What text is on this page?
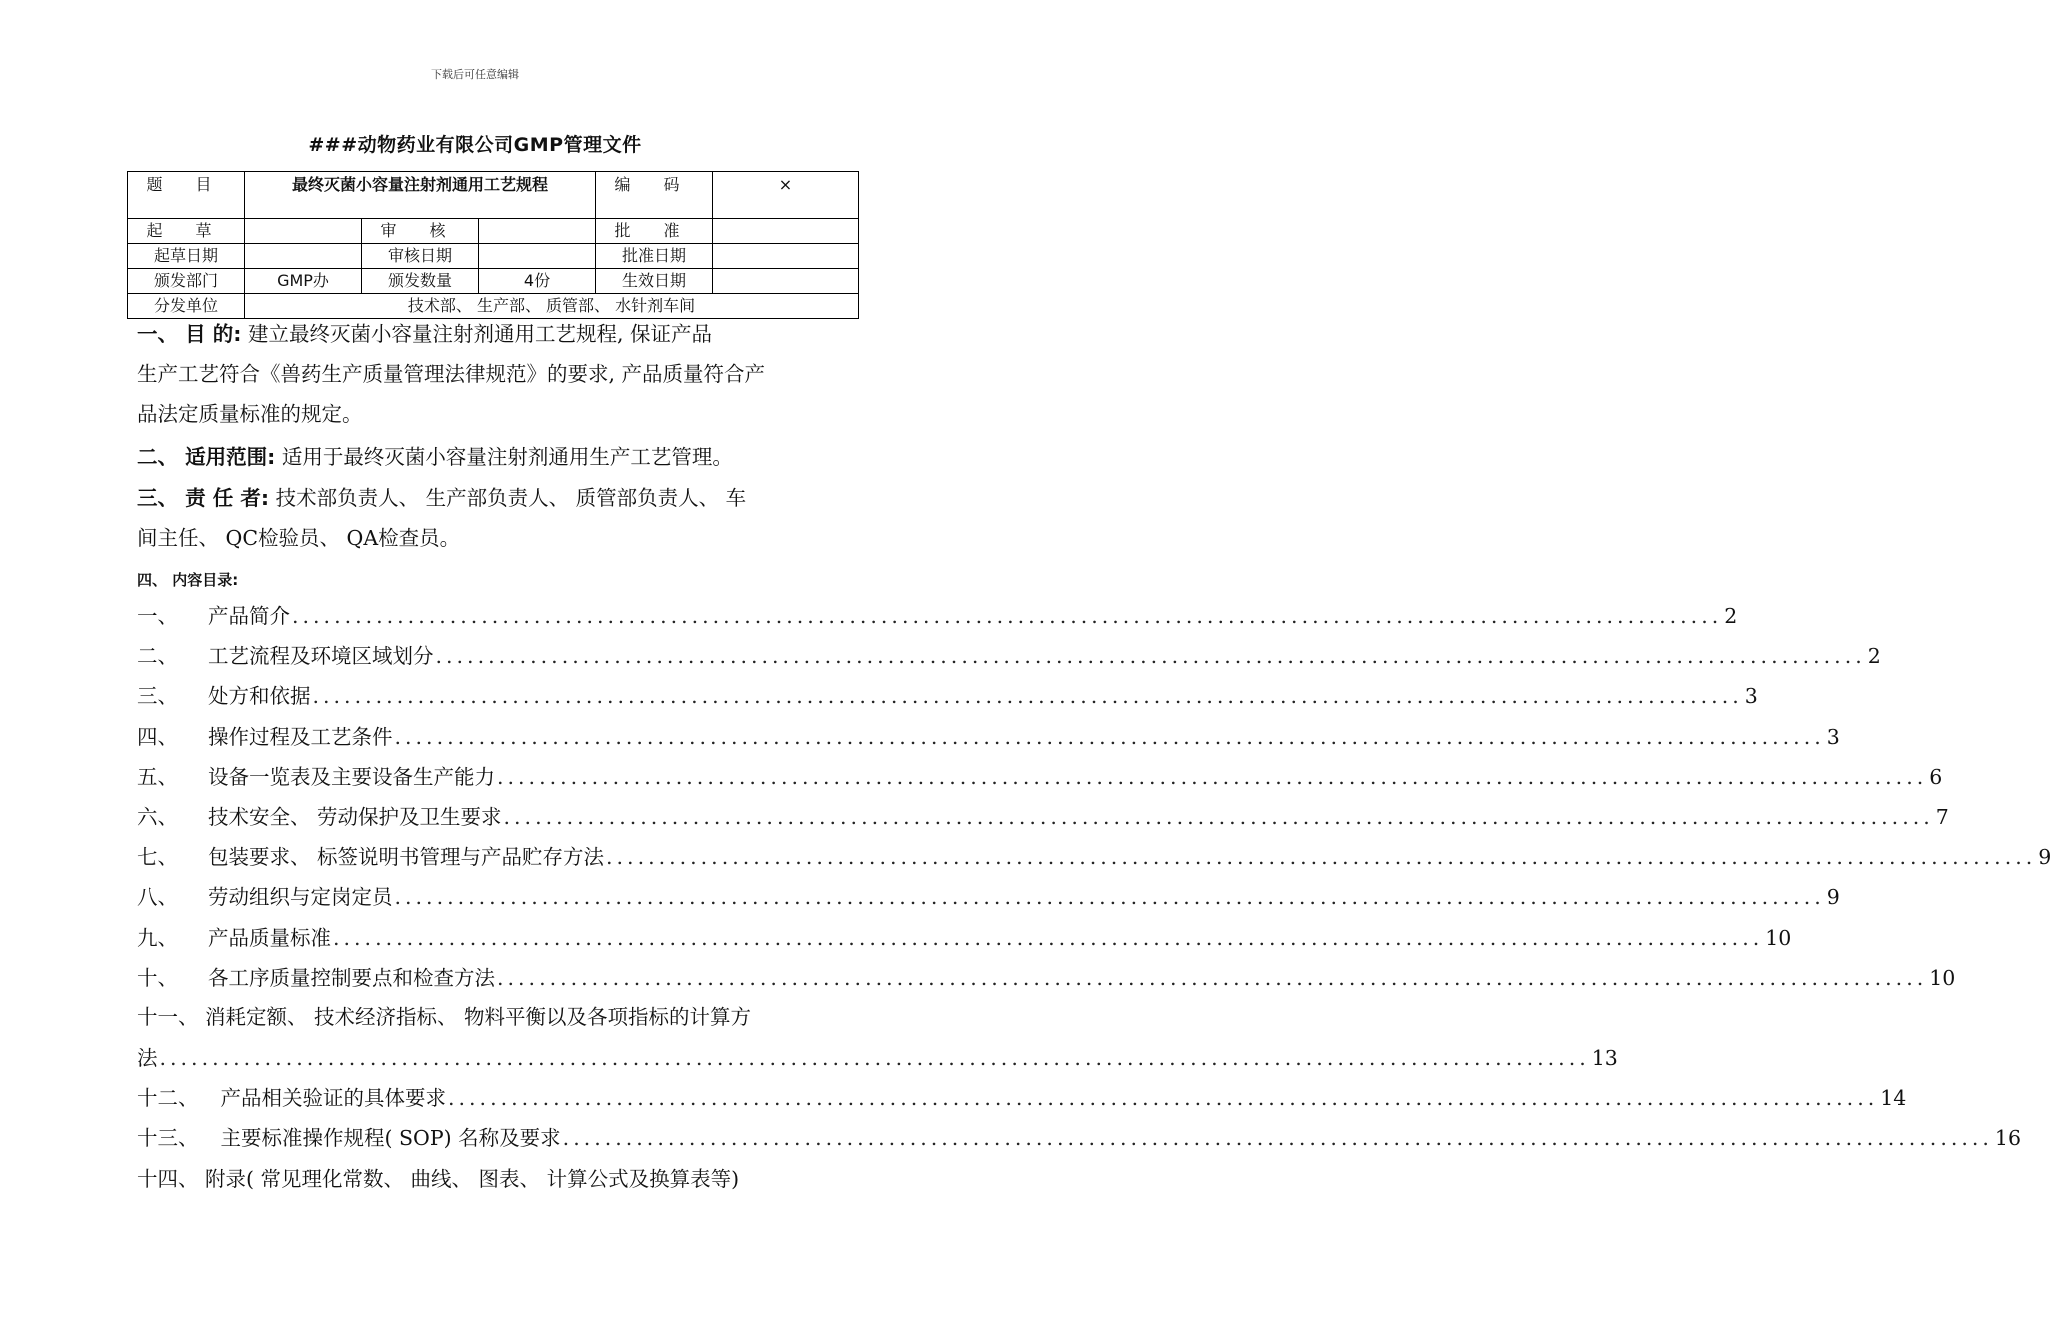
下载后可任意编辑
###动物药业有限公司GMP管理文件
题 目	最终灭菌小容量注射剂通用工艺规程			编 码	×
起 草		审 核		批 准	
起草日期		审核日期		批准日期	
颁发部门	GMP办	颁发数量	4份	生效日期	
分发单位	技术部、 生产部、 质管部、 水针剂车间				
一、 目 的: 建立最终灭菌小容量注射剂通用工艺规程, 保证产品
生产工艺符合《兽药生产质量管理法律规范》的要求, 产品质量符合产
品法定质量标准的规定。
二、 适用范围: 适用于最终灭菌小容量注射剂通用生产工艺管理。
三、 责 任 者: 技术部负责人、 生产部负责人、 质管部负责人、 车
间主任、 QC检验员、 QA检查员。
四、 内容目录:
一、 产品简介 ........................................................................................................................................ 2
二、 工艺流程及环境区域划分 ........................................................................................................................................ 2
三、 处方和依据 ........................................................................................................................................ 3
四、 操作过程及工艺条件 ........................................................................................................................................ 3
五、 设备一览表及主要设备生产能力 ........................................................................................................................................ 6
六、 技术安全、 劳动保护及卫生要求 ........................................................................................................................................ 7
七、 包装要求、 标签说明书管理与产品贮存方法 ........................................................................................................................................ 9
八、 劳动组织与定岗定员 ........................................................................................................................................ 9
九、 产品质量标准 ........................................................................................................................................ 10
十、 各工序质量控制要点和检查方法 ........................................................................................................................................ 10
十一、 消耗定额、 技术经济指标、 物料平衡以及各项指标的计算方
法 ........................................................................................................................................ 13
十二、 产品相关验证的具体要求 ........................................................................................................................................ 14
十三、 主要标准操作规程( SOP) 名称及要求 ........................................................................................................................................ 16
十四、 附录( 常见理化常数、 曲线、 图表、 计算公式及换算表等)
